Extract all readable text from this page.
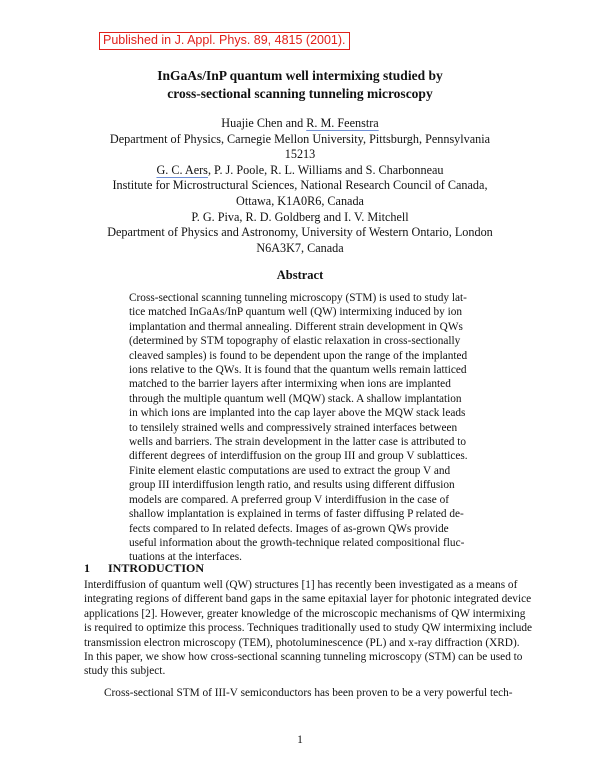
Published in J. Appl. Phys. 89, 4815 (2001).
InGaAs/InP quantum well intermixing studied by
cross-sectional scanning tunneling microscopy
Huajie Chen and R. M. Feenstra
Department of Physics, Carnegie Mellon University, Pittsburgh, Pennsylvania
15213
G. C. Aers, P. J. Poole, R. L. Williams and S. Charbonneau
Institute for Microstructural Sciences, National Research Council of Canada,
Ottawa, K1A0R6, Canada
P. G. Piva, R. D. Goldberg and I. V. Mitchell
Department of Physics and Astronomy, University of Western Ontario, London
N6A3K7, Canada
Abstract
Cross-sectional scanning tunneling microscopy (STM) is used to study lat-
tice matched InGaAs/InP quantum well (QW) intermixing induced by ion
implantation and thermal annealing. Different strain development in QWs
(determined by STM topography of elastic relaxation in cross-sectionally
cleaved samples) is found to be dependent upon the range of the implanted
ions relative to the QWs. It is found that the quantum wells remain latticed
matched to the barrier layers after intermixing when ions are implanted
through the multiple quantum well (MQW) stack. A shallow implantation
in which ions are implanted into the cap layer above the MQW stack leads
to tensilely strained wells and compressively strained interfaces between
wells and barriers. The strain development in the latter case is attributed to
different degrees of interdiffusion on the group III and group V sublattices.
Finite element elastic computations are used to extract the group V and
group III interdiffusion length ratio, and results using different diffusion
models are compared. A preferred group V interdiffusion in the case of
shallow implantation is explained in terms of faster diffusing P related de-
fects compared to In related defects. Images of as-grown QWs provide
useful information about the growth-technique related compositional fluc-
tuations at the interfaces.
1 INTRODUCTION
Interdiffusion of quantum well (QW) structures [1] has recently been investigated as a means of
integrating regions of different band gaps in the same epitaxial layer for photonic integrated device
applications [2]. However, greater knowledge of the microscopic mechanisms of QW intermixing
is required to optimize this process. Techniques traditionally used to study QW intermixing include
transmission electron microscopy (TEM), photoluminescence (PL) and x-ray diffraction (XRD).
In this paper, we show how cross-sectional scanning tunneling microscopy (STM) can be used to
study this subject.
Cross-sectional STM of III-V semiconductors has been proven to be a very powerful tech-
1
